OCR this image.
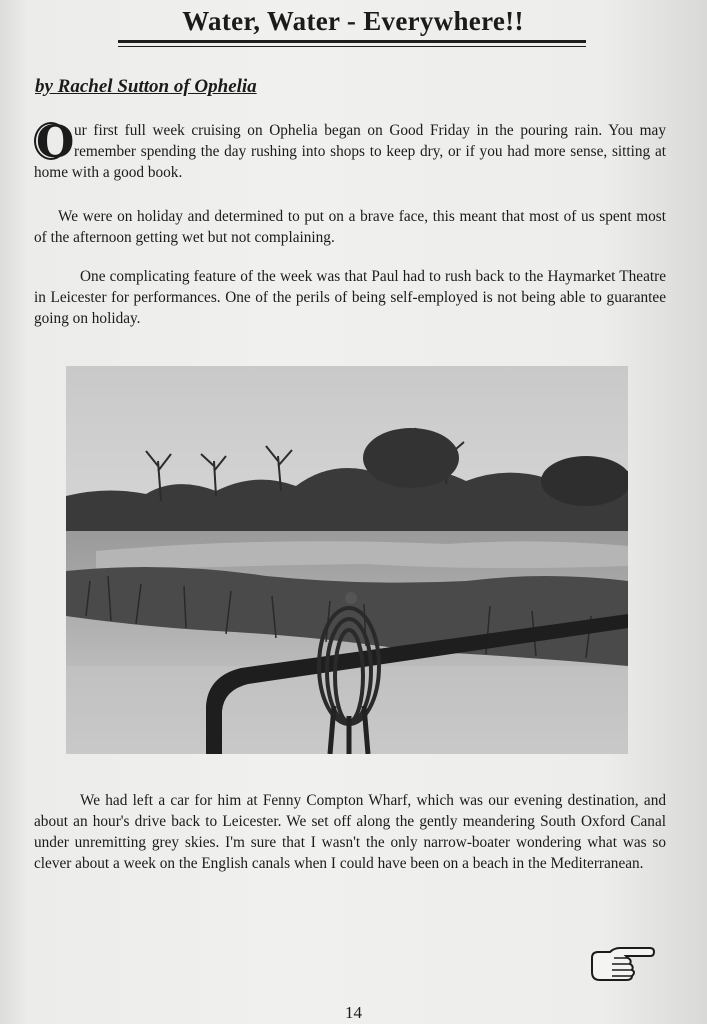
Water, Water - Everywhere!!
by Rachel Sutton of Ophelia
O ur first full week cruising on Ophelia began on Good Friday in the pouring rain. You may remember spending the day rushing into shops to keep dry, or if you had more sense, sitting at home with a good book.
We were on holiday and determined to put on a brave face, this meant that most of us spent most of the afternoon getting wet but not complaining.
One complicating feature of the week was that Paul had to rush back to the Haymarket Theatre in Leicester for performances. One of the perils of being self-employed is not being able to guarantee going on holiday.
We had left a car for him at Fenny Compton Wharf, which was our evening destination, and about an hour's drive back to Leicester. We set off along the gently meandering South Oxford Canal under unremitting grey skies. I'm sure that I wasn't the only narrow-boater wondering what was so clever about a week on the English canals when I could have been on a beach in the Mediterranean.
14
